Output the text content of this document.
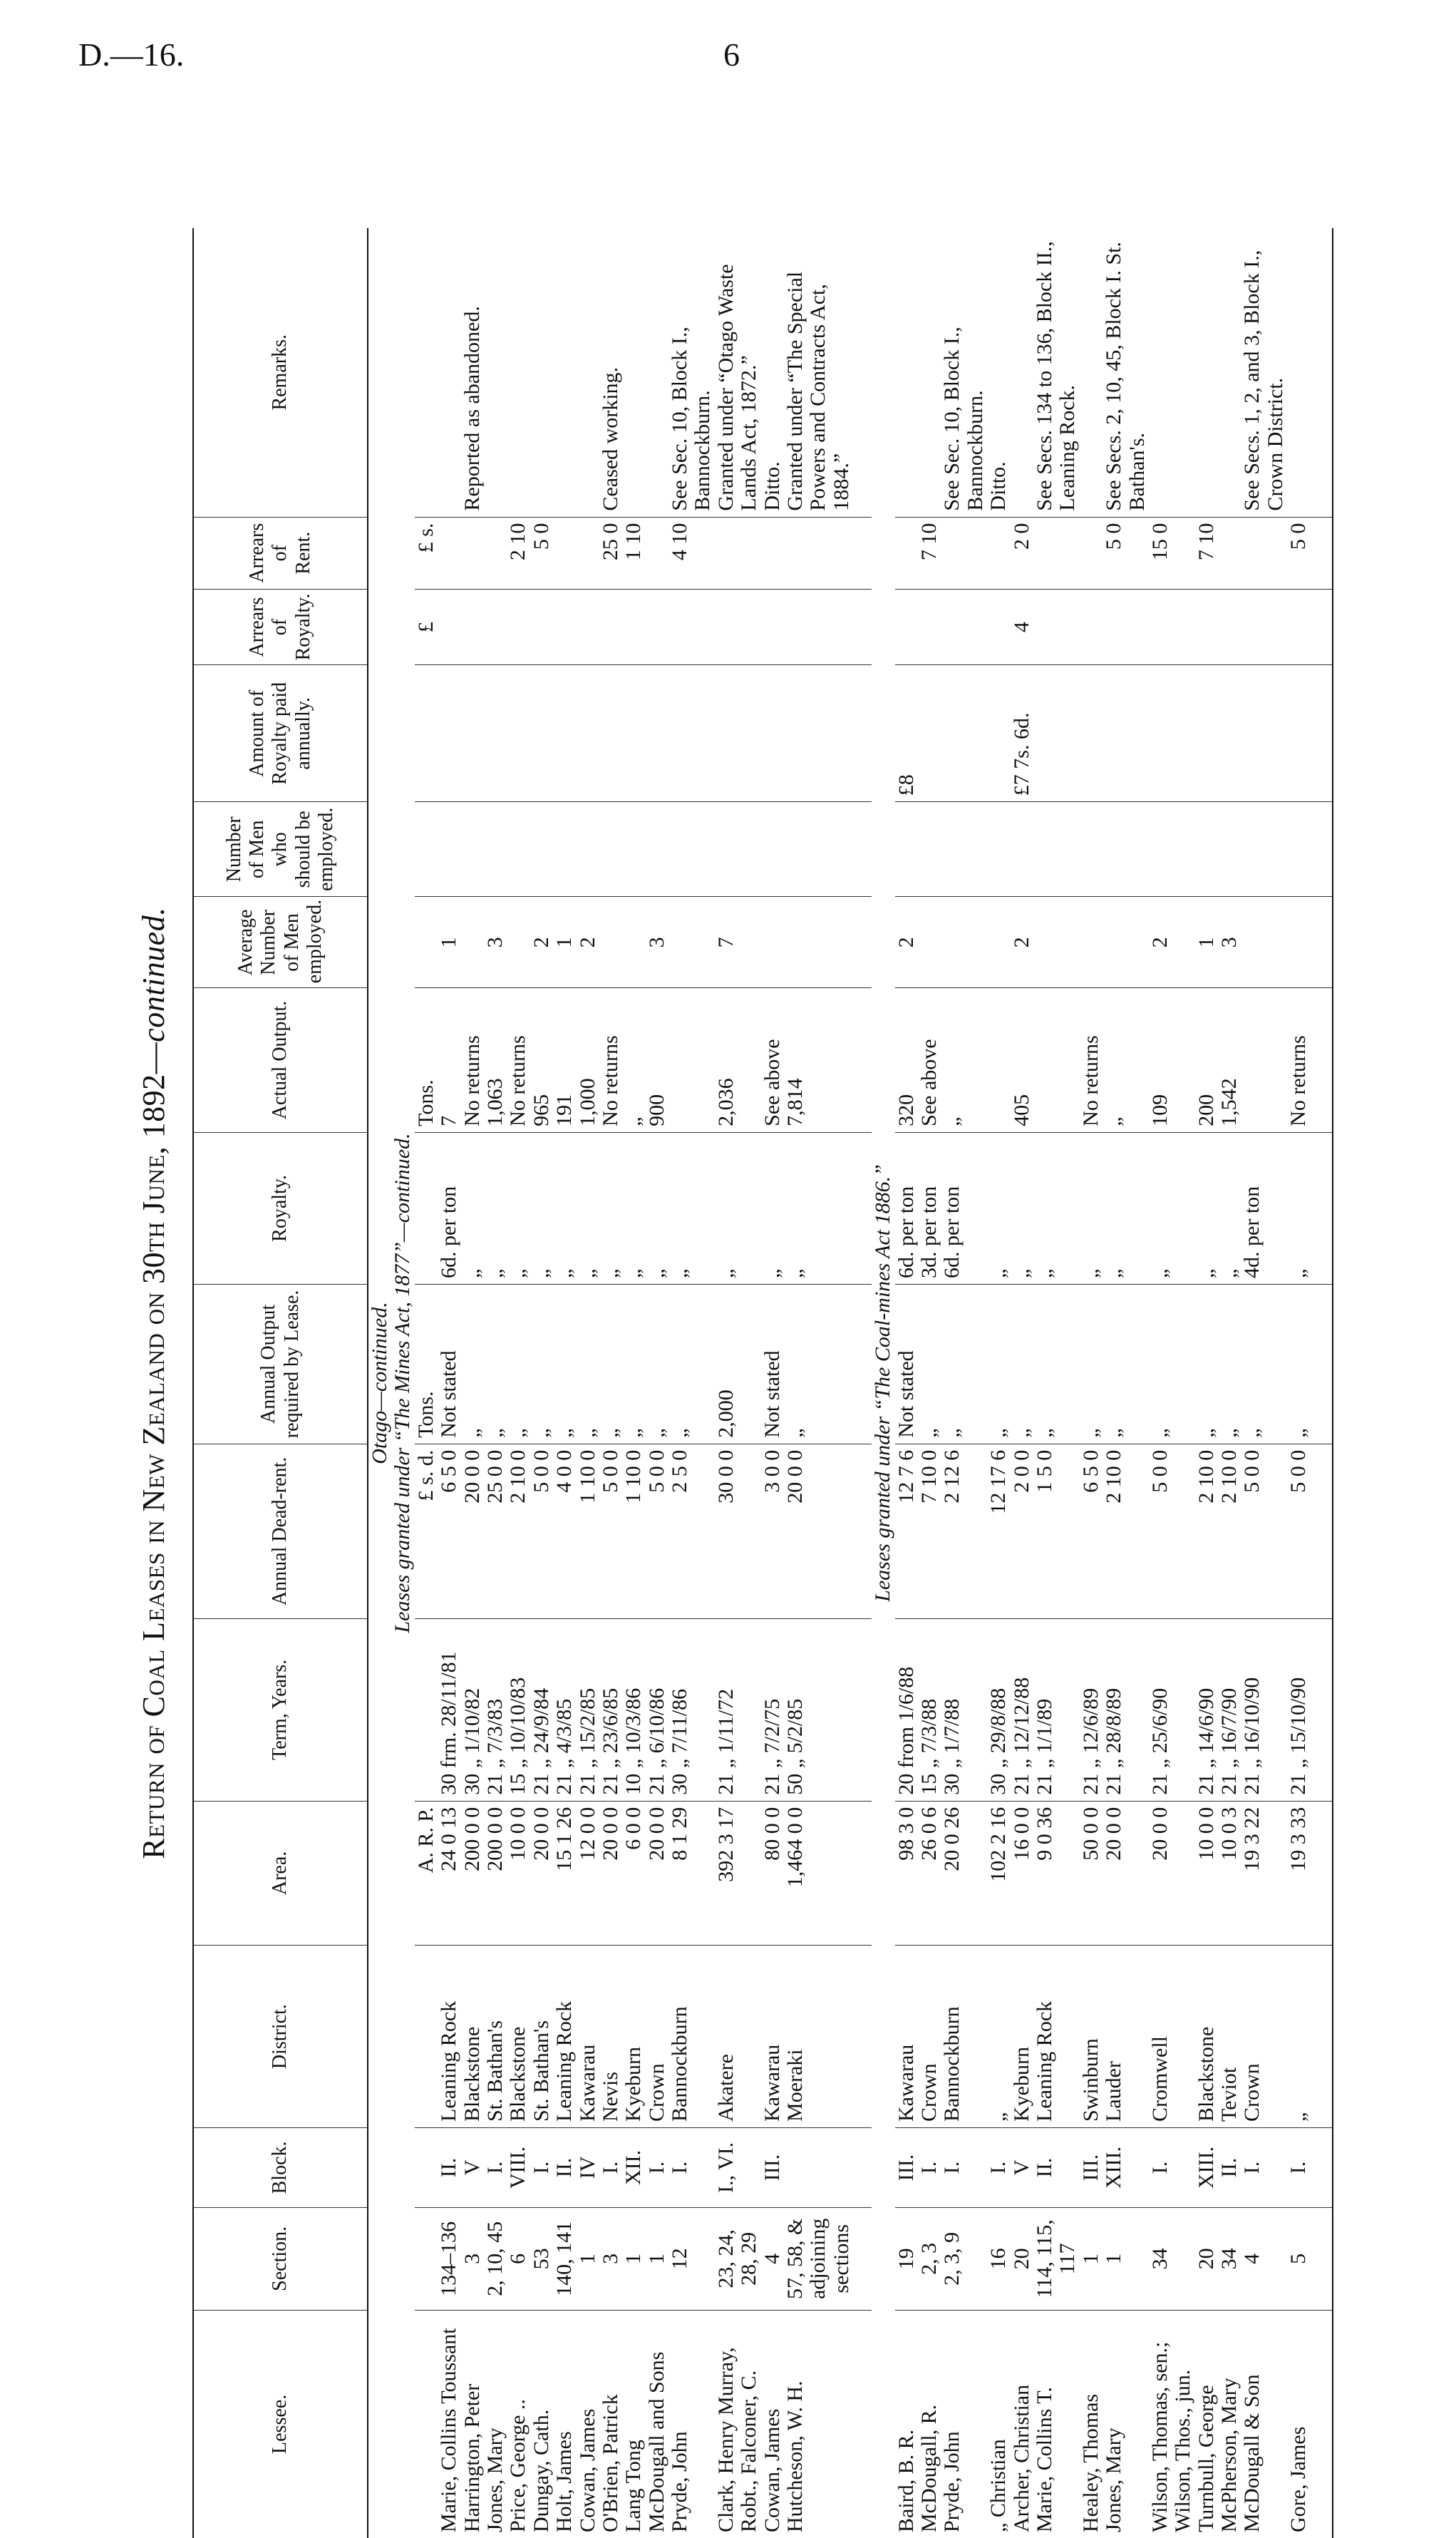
D.—16.	6
Return of Coal Leases in New Zealand on 30th June, 1892—continued.
Lessee.	Section.	Block.	District.	Area.	Term, Years.	Annual Dead-rent.	Annual Output required by Lease.	Royalty.	Actual Output.	Average Number of Men employed.	Number of Men who should be employed.	Amount of Royalty paid annually.	Arrears of Royalty.	Arrears of Rent.	Remarks.
Otago—continued.															
Leases granted under “The Mines Act, 1877”—continued.															
				A. R. P.		£ s. d.	Tons.		Tons.				£	£ s.	
Marie, Collins Toussant	134–136	II.	Leaning Rock	24 0 13	30 frm. 28/11/81	6 5 0	Not stated	6d. per ton	7	1					
Harrington, Peter	3	V	Blackstone	200 0 0	30 „ 1/10/82	20 0 0	„	„	No returns						Reported as abandoned.
Jones, Mary	2, 10, 45	I.	St. Bathan's	200 0 0	21 „ 7/3/83	25 0 0	„	„	1,063	3					
Price, George ..	6	VIII.	Blackstone	10 0 0	15 „ 10/10/83	2 10 0	„	„	No returns					2 10	
Dungay, Cath.	53	I.	St. Bathan's	20 0 0	21 „ 24/9/84	5 0 0	„	„	965	2				5 0	
Holt, James	140, 141	II.	Leaning Rock	15 1 26	21 „ 4/3/85	4 0 0	„	„	191	1					
Cowan, James	1	IV	Kawarau	12 0 0	21 „ 15/2/85	1 10 0	„	„	1,000	2					
O'Brien, Patrick	3	I.	Nevis	20 0 0	21 „ 23/6/85	5 0 0	„	„	No returns					25 0	Ceased working.
Lang Tong	1	XII.	Kyeburn	6 0 0	10 „ 10/3/86	1 10 0	„	„	„					1 10	
McDougall and Sons	1	I.	Crown	20 0 0	21 „ 6/10/86	5 0 0	„	„	900	3					
Pryde, John	12	I.	Bannockburn	8 1 29	30 „ 7/11/86	2 5 0	„	„						4 10	See Sec. 10, Block I., Bannockburn.
Clark, Henry Murray, Robt., Falconer, C.	23, 24, 28, 29	I., VI.	Akatere	392 3 17	21 „ 1/11/72	30 0 0	2,000	„	2,036	7					Granted under “Otago Waste Lands Act, 1872.”
Cowan, James	4	III.	Kawarau	80 0 0	21 „ 7/2/75	3 0 0	Not stated	„	See above						Ditto.
Hutcheson, W. H.	57, 58, & adjoining sections		Moeraki	1,464 0 0	50 „ 5/2/85	20 0 0	„	„	7,814						Granted under “The Special Powers and Contracts Act, 1884.”

Leases granted under “The Coal-mines Act 1886.”															
Baird, B. R.	19	III.	Kawarau	98 3 0	20 from 1/6/88	12 7 6	Not stated	6d. per ton	320	2		£8			
McDougall, R.	2, 3	I.	Crown	26 0 6	15 „ 7/3/88	7 10 0	„	3d. per ton	See above					7 10	
Pryde, John	2, 3, 9	I.	Bannockburn	20 0 26	30 „ 1/7/88	2 12 6	„	6d. per ton	„						See Sec. 10, Block I., Bannockburn.
„ Christian	16	I.	„	102 2 16	30 „ 29/8/88	12 17 6	„	„							Ditto.
Archer, Christian	20	V	Kyeburn	16 0 0	21 „ 12/12/88	2 0 0	„	„	405	2		£7 7s. 6d.	4	2 0	
Marie, Collins T.	114, 115, 117	II.	Leaning Rock	9 0 36	21 „ 1/1/89	1 5 0	„	„							See Secs. 134 to 136, Block II., Leaning Rock.
Healey, Thomas	1	III.	Swinburn	50 0 0	21 „ 12/6/89	6 5 0	„	„	No returns						
Jones, Mary	1	XIII.	Lauder	20 0 0	21 „ 28/8/89	2 10 0	„	„	„					5 0	See Secs. 2, 10, 45, Block I. St. Bathan's.
Wilson, Thomas, sen.; Wilson, Thos., jun.	34	I.	Cromwell	20 0 0	21 „ 25/6/90	5 0 0	„	„	109	2				15 0	
Turnbull, George	20	XIII.	Blackstone	10 0 0	21 „ 14/6/90	2 10 0	„	„	200	1				7 10	
McPherson, Mary	34	II.	Teviot	10 0 3	21 „ 16/7/90	2 10 0	„	„	1,542	3					
McDougall & Son	4	I.	Crown	19 3 22	21 „ 16/10/90	5 0 0	„	4d. per ton							See Secs. 1, 2, and 3, Block I., Crown District.
Gore, James	5	I.	„	19 3 33	21 „ 15/10/90	5 0 0	„	„	No returns					5 0	
